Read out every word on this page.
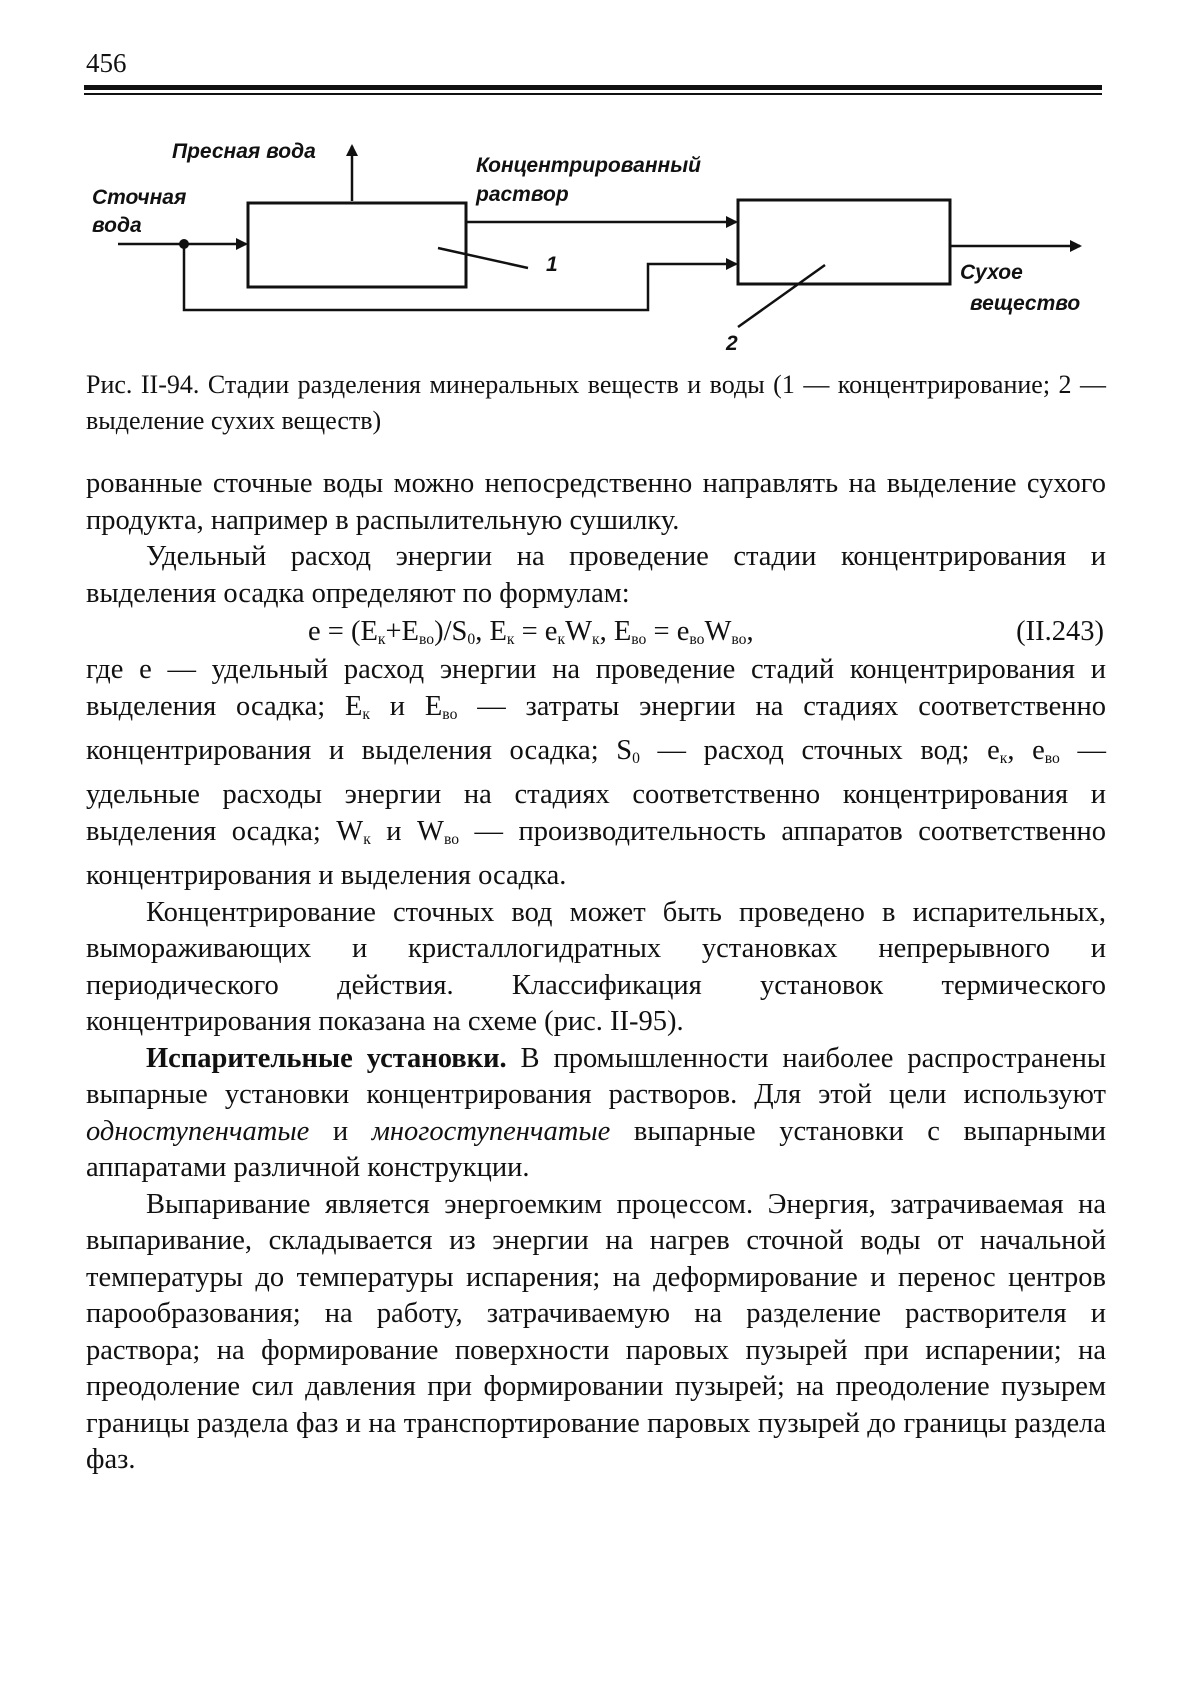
456
Пресная вода
Сточная
вода
Концентрированный
раствор
Сухое
вещество
1
2

Рис. II-94. Стадии разделения минеральных веществ и воды (1 — концентрирование; 2 — выделение сухих веществ)

рованные сточные воды можно непосредственно направлять на выделение сухого продукта, например в распылительную сушилку.

Удельный расход энергии на проведение стадии концентрирования и выделения осадка определяют по формулам:

$e = (E_к+E_{во})/S_0$, $E_к = e_кW_к$, $E_{во} = e_{во}W_{во}$,	(II.243)

где e — удельный расход энергии на проведение стадий концентрирования и выделения осадка; $E_к$ и $E_{во}$ — затраты энергии на стадиях соответственно концентрирования и выделения осадка; $S_0$ — расход сточных вод; $e_к$, $e_{во}$ — удельные расходы энергии на стадиях соответственно концентрирования и выделения осадка; $W_к$ и $W_{во}$ — производительность аппаратов соответственно концентрирования и выделения осадка.

Концентрирование сточных вод может быть проведено в испарительных, вымораживающих и кристаллогидратных установках непрерывного и периодического действия. Классификация установок термического концентрирования показана на схеме (рис. II-95).

Испарительные установки. В промышленности наиболее распространены выпарные установки концентрирования растворов. Для этой цели используют одноступенчатые и многоступенчатые выпарные установки с выпарными аппаратами различной конструкции.

Выпаривание является энергоемким процессом. Энергия, затрачиваемая на выпаривание, складывается из энергии на нагрев сточной воды от начальной температуры до температуры испарения; на деформирование и перенос центров парообразования; на работу, затрачиваемую на разделение растворителя и раствора; на формирование поверхности паровых пузырей при испарении; на преодоление сил давления при формировании пузырей; на преодоление пузырем границы раздела фаз и на транспортирование паровых пузырей до границы раздела фаз.
